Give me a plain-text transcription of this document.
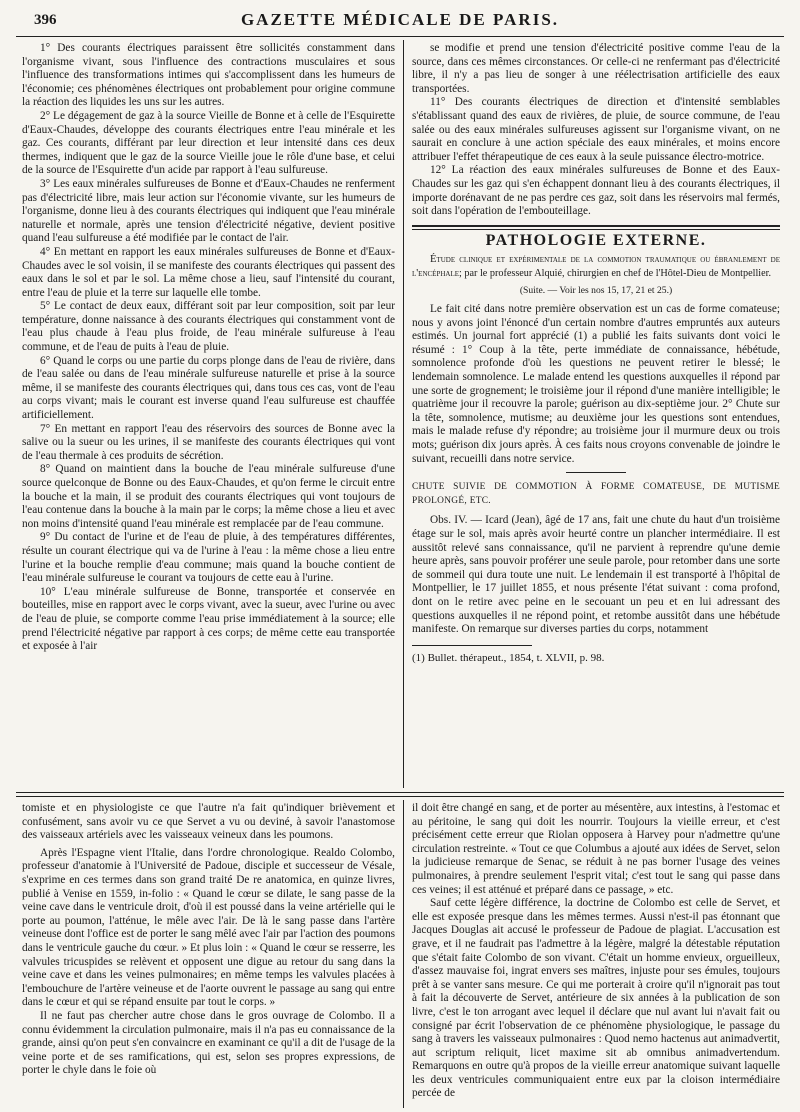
396	GAZETTE MÉDICALE DE PARIS.

1° Des courants électriques paraissent être sollicités constamment dans l'organisme vivant, sous l'influence des contractions musculaires et sous l'influence des transformations intimes qui s'accomplissent dans les humeurs de l'économie; ces phénomènes électriques ont probablement pour origine commune la réaction des liquides les uns sur les autres.

2° Le dégagement de gaz à la source Vieille de Bonne et à celle de l'Esquirette d'Eaux-Chaudes, développe des courants électriques entre l'eau minérale et les gaz. Ces courants, différant par leur direction et leur intensité dans ces deux thermes, indiquent que le gaz de la source Vieille joue le rôle d'une base, et celui de la source de l'Esquirette d'un acide par rapport à l'eau sulfureuse.

3° Les eaux minérales sulfureuses de Bonne et d'Eaux-Chaudes ne renferment pas d'électricité libre, mais leur action sur l'économie vivante, sur les humeurs de l'organisme, donne lieu à des courants électriques qui indiquent que l'eau minérale naturelle et normale, après une tension d'électricité négative, devient positive quand l'eau sulfureuse a été modifiée par le contact de l'air.

4° En mettant en rapport les eaux minérales sulfureuses de Bonne et d'Eaux-Chaudes avec le sol voisin, il se manifeste des courants électriques qui passent des eaux dans le sol et par le sol. La même chose a lieu, sauf l'intensité du courant, entre l'eau de pluie et la terre sur laquelle elle tombe.

5° Le contact de deux eaux, différant soit par leur composition, soit par leur température, donne naissance à des courants électriques qui constamment vont de l'eau plus chaude à l'eau plus froide, de l'eau minérale sulfureuse à l'eau commune, et de l'eau de puits à l'eau de pluie.

6° Quand le corps ou une partie du corps plonge dans de l'eau de rivière, dans de l'eau salée ou dans de l'eau minérale sulfureuse naturelle et prise à la source même, il se manifeste des courants électriques qui, dans tous ces cas, vont de l'eau au corps vivant; mais le courant est inverse quand l'eau sulfureuse est chauffée artificiellement.

7° En mettant en rapport l'eau des réservoirs des sources de Bonne avec la salive ou la sueur ou les urines, il se manifeste des courants électriques qui vont de l'eau thermale à ces produits de sécrétion.

8° Quand on maintient dans la bouche de l'eau minérale sulfureuse d'une source quelconque de Bonne ou des Eaux-Chaudes, et qu'on ferme le circuit entre la bouche et la main, il se produit des courants électriques qui vont toujours de l'eau contenue dans la bouche à la main par le corps; la même chose a lieu et avec non moins d'intensité quand l'eau minérale est remplacée par de l'eau commune.

9° Du contact de l'urine et de l'eau de pluie, à des températures différentes, résulte un courant électrique qui va de l'urine à l'eau : la même chose a lieu entre l'urine et la bouche remplie d'eau commune; mais quand la bouche contient de l'eau minérale sulfureuse le courant va toujours de cette eau à l'urine.

10° L'eau minérale sulfureuse de Bonne, transportée et conservée en bouteilles, mise en rapport avec le corps vivant, avec la sueur, avec l'urine ou avec de l'eau de pluie, se comporte comme l'eau prise immédiatement à la source; elle prend l'électricité négative par rapport à ces corps; de même cette eau transportée et exposée à l'air

se modifie et prend une tension d'électricité positive comme l'eau de la source, dans ces mêmes circonstances. Or celle-ci ne renfermant pas d'électricité libre, il n'y a pas lieu de songer à une réélectrisation artificielle des eaux transportées.

11° Des courants électriques de direction et d'intensité semblables s'établissant quand des eaux de rivières, de pluie, de source commune, de l'eau salée ou des eaux minérales sulfureuses agissent sur l'organisme vivant, on ne saurait en conclure à une action spéciale des eaux minérales, et moins encore attribuer l'effet thérapeutique de ces eaux à la seule puissance électro-motrice.

12° La réaction des eaux minérales sulfureuses de Bonne et des Eaux-Chaudes sur les gaz qui s'en échappent donnant lieu à des courants électriques, il importe dorénavant de ne pas perdre ces gaz, soit dans les réservoirs mal fermés, soit dans l'opération de l'embouteillage.

PATHOLOGIE EXTERNE.

Étude clinique et expérimentale de la commotion traumatique ou ébranlement de l'encéphale; par le professeur Alquié, chirurgien en chef de l'Hôtel-Dieu de Montpellier.

(Suite. — Voir les nos 15, 17, 21 et 25.)

Le fait cité dans notre première observation est un cas de forme comateuse; nous y avons joint l'énoncé d'un certain nombre d'autres empruntés aux auteurs estimés. Un journal fort apprécié (1) a publié les faits suivants dont voici le résumé : 1° Coup à la tête, perte immédiate de connaissance, hébétude, somnolence profonde d'où les questions ne peuvent retirer le blessé; le lendemain somnolence. Le malade entend les questions auxquelles il répond par une sorte de grognement; le troisième jour il répond d'une manière intelligible; le quatrième jour il recouvre la parole; guérison au dix-septième jour. 2° Chute sur la tête, somnolence, mutisme; au deuxième jour les questions sont entendues, mais le malade refuse d'y répondre; au troisième jour il murmure deux ou trois mots; guérison dix jours après. À ces faits nous croyons convenable de joindre le suivant, recueilli dans notre service.

CHUTE SUIVIE DE COMMOTION À FORME COMATEUSE, DE MUTISME PROLONGÉ, ETC.

Obs. IV. — Icard (Jean), âgé de 17 ans, fait une chute du haut d'un troisième étage sur le sol, mais après avoir heurté contre un plancher intermédiaire. Il est aussitôt relevé sans connaissance, qu'il ne parvient à reprendre qu'une demie heure après, sans pouvoir proférer une seule parole, pour retomber dans une sorte de sommeil qui dura toute une nuit. Le lendemain il est transporté à l'hôpital de Montpellier, le 17 juillet 1855, et nous présente l'état suivant : coma profond, dont on le retire avec peine en le secouant un peu et en lui adressant des questions auxquelles il ne répond point, et retombe aussitôt dans une hébétude manifeste. On remarque sur diverses parties du corps, notamment

(1) Bullet. thérapeut., 1854, t. XLVII, p. 98.

tomiste et en physiologiste ce que l'autre n'a fait qu'indiquer brièvement et confusément, sans avoir vu ce que Servet a vu ou deviné, à savoir l'anastomose des vaisseaux artériels avec les vaisseaux veineux dans les poumons.

Après l'Espagne vient l'Italie, dans l'ordre chronologique. Realdo Colombo, professeur d'anatomie à l'Université de Padoue, disciple et successeur de Vésale, s'exprime en ces termes dans son grand traité De re anatomica, en quinze livres, publié à Venise en 1559, in-folio : « Quand le cœur se dilate, le sang passe de la veine cave dans le ventricule droit, d'où il est poussé dans la veine artérielle qui le porte au poumon, l'atténue, le mêle avec l'air. De là le sang passe dans l'artère veineuse dont l'office est de porter le sang mêlé avec l'air par l'action des poumons dans le ventricule gauche du cœur. » Et plus loin : « Quand le cœur se resserre, les valvules tricuspides se relèvent et opposent une digue au retour du sang dans la veine cave et dans les veines pulmonaires; en même temps les valvules placées à l'embouchure de l'artère veineuse et de l'aorte ouvrent le passage au sang qui entre dans le cœur et qui se répand ensuite par tout le corps. »

Il ne faut pas chercher autre chose dans le gros ouvrage de Colombo. Il a connu évidemment la circulation pulmonaire, mais il n'a pas eu connaissance de la grande, ainsi qu'on peut s'en convaincre en examinant ce qu'il a dit de l'usage de la veine porte et de ses ramifications, qui est, selon ses propres expressions, de porter le chyle dans le foie où

il doit être changé en sang, et de porter au mésentère, aux intestins, à l'estomac et au péritoine, le sang qui doit les nourrir. Toujours la vieille erreur, et c'est précisément cette erreur que Riolan opposera à Harvey pour n'admettre qu'une circulation restreinte. « Tout ce que Columbus a ajouté aux idées de Servet, selon la judicieuse remarque de Senac, se réduit à ne pas borner l'usage des veines pulmonaires, à prendre seulement l'esprit vital; c'est tout le sang qui passe dans ces veines; il est atténué et préparé dans ce passage, » etc.

Sauf cette légère différence, la doctrine de Colombo est celle de Servet, et elle est exposée presque dans les mêmes termes. Aussi n'est-il pas étonnant que Jacques Douglas ait accusé le professeur de Padoue de plagiat. L'accusation est grave, et il ne faudrait pas l'admettre à la légère, malgré la détestable réputation que s'était faite Colombo de son vivant. C'était un homme envieux, orgueilleux, d'assez mauvaise foi, ingrat envers ses maîtres, injuste pour ses émules, toujours prêt à se vanter sans mesure. Ce qui me porterait à croire qu'il n'ignorait pas tout à fait la découverte de Servet, antérieure de six années à la publication de son livre, c'est le ton arrogant avec lequel il déclare que nul avant lui n'avait fait ou consigné par écrit l'observation de ce phénomène physiologique, le passage du sang à travers les vaisseaux pulmonaires : Quod nemo hactenus aut animadvertit, aut scriptum reliquit, licet maxime sit ab omnibus animadvertendum. Remarquons en outre qu'à propos de la vieille erreur anatomique suivant laquelle les deux ventricules communiquaient entre eux par la cloison intermédiaire percée de
